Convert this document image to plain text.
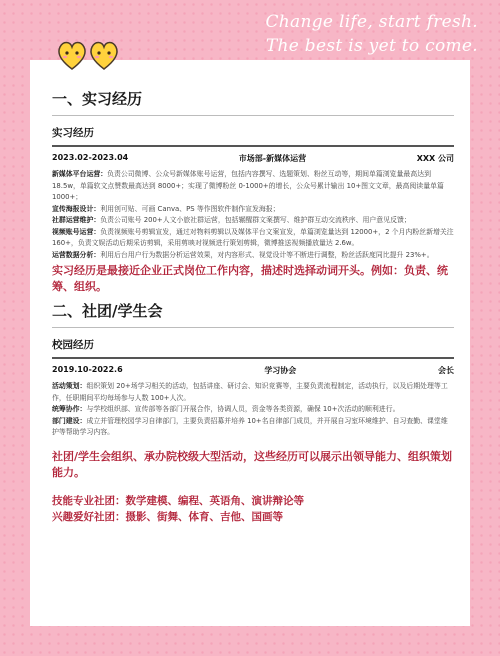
Change life, start fresh.
The best is yet to come.
一、实习经历
实习经历
2023.02-2023.04	市场部-新媒体运营	XXX 公司
新媒体平台运营：负责公司微博、公众号新媒体账号运营，包括内容撰写、选题策划、粉丝互动等，期间单篇浏览量最高达到 18.5w，单篇软文点赞数最高达到 8000+；实现了微博粉丝 0-1000+的增长，公众号累计输出 10+图文文章，最高阅读量单篇 1000+；
宣传海报设计：利用创可贴、可画 Canva、PS 等作图软件制作宣发海报；
社群运营维护：负责公司账号 200+人文小旅社群运营，包括辗醒群文案撰写、维护群互动交流秩序、用户意见反馈；
视频账号运营：负责视频账号剪辑宣发，通过对物料剪辑以及媒体平台文案宣发，单篇浏览量达到 12000+，2 个月内粉丝新增关注 160+，负责文娱活动后期采访剪辑，采用剪映对视频进行策划剪辑，微博推送视频播放量达 2.6w。
运营数据分析：利用后台用户行为数据分析运营效果，对内容形式、视觉设计等不断进行调整，粉丝活跃度同比提升 23%+。
实习经历是最接近企业正式岗位工作内容，描述时选择动词开头。例如：负责、统筹、组织。
二、社团/学生会
校园经历
2019.10-2022.6	学习协会	会长
活动策划：组织策划 20+场学习相关的活动，包括讲座、研讨会、知识竞赛等，主要负责流程制定，活动执行，以及后期处理等工作，任职期间平均每场参与人数 100+人次。
统筹协作：与学校组织部、宣传部等各部门开展合作，协调人员，资金等各类资源，确保 10+次活动的顺利进行。
部门建设：成立并管理校园学习自律部门，主要负责招募并培养 10+名自律部门成员，并开展自习室环境维护、自习查勤、课堂维护等帮助学习内容。
社团/学生会组织、承办院校级大型活动，这些经历可以展示出领导能力、组织策划能力。
技能专业社团：数学建模、编程、英语角、演讲辩论等
兴趣爱好社团：摄影、街舞、体育、吉他、国画等
